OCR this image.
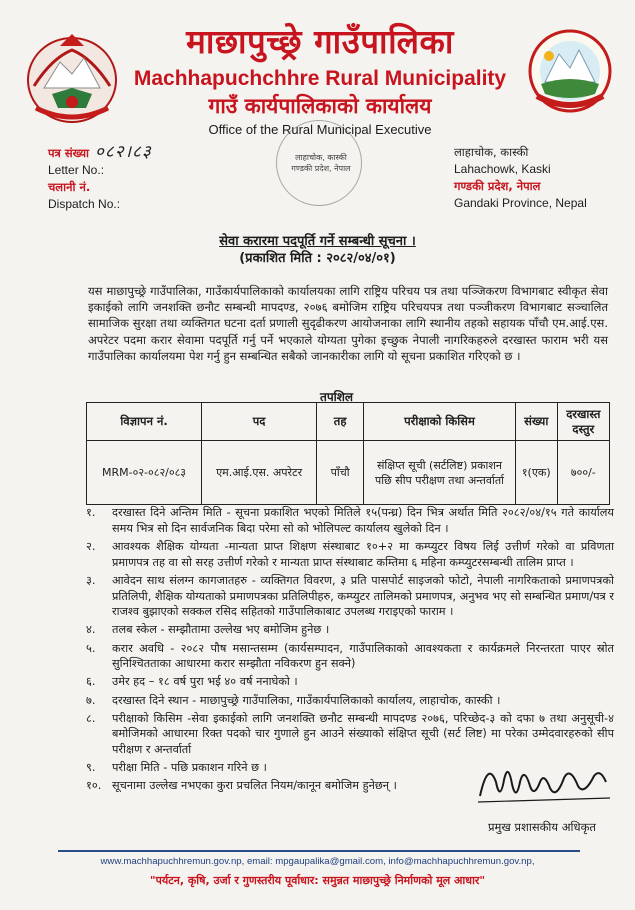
माछापुच्छ्रे गाउँपालिका
Machhapuchchhre Rural Municipality
गाउँ कार्यपालिकाको कार्यालय
Office of the Rural Municipal Executive
पत्र संख्या ०८२।८३
Letter No.:
चलानी नं.
Dispatch No.:
लाहाचोक, कास्की
Lahachowk, Kaski
गण्डकी प्रदेश, नेपाल
Gandaki Province, Nepal
लाहाचोक, कास्की
गण्डकी प्रदेश, नेपाल
सेवा करारमा पदपूर्ति गर्ने सम्बन्धी सूचना ।
(प्रकाशित मिति : २०८२/०४/०१)
यस माछापुच्छ्रे गाउँपालिका, गाउँकार्यपालिकाको कार्यालयका लागि राष्ट्रिय परिचय पत्र तथा पञ्जिकरण विभागबाट स्वीकृत सेवा इकाईको लागि जनशक्ति छनौट सम्बन्धी मापदण्ड, २०७६ बमोजिम राष्ट्रिय परिचयपत्र तथा पञ्जीकरण विभागबाट सञ्चालित सामाजिक सुरक्षा तथा व्यक्तिगत घटना दर्ता प्रणाली सुदृढीकरण आयोजनाका लागि स्थानीय तहको सहायक पाँचौ एम.आई.एस. अपरेटर पदमा करार सेवामा पदपूर्ति गर्नु पर्ने भएकाले योग्यता पुगेका इच्छुक नेपाली नागरिकहरुले दरखास्त फाराम भरी यस गाउँपालिका कार्यालयमा पेश गर्नु हुन सम्बन्धित सबैको जानकारीका लागि यो सूचना प्रकाशित गरिएको छ ।
तपशिल
विज्ञापन नं.	पद	तह	परीक्षाको किसिम	संख्या	दरखास्त दस्तुर
MRM-०२-०८२/०८३	एम.आई.एस. अपरेटर	पाँचौ	संक्षिप्त सूची (सर्टलिष्ट) प्रकाशन पछि सीप परीक्षण तथा अन्तर्वार्ता	१(एक)	७००/-
१.	दरखास्त दिने अन्तिम मिति - सूचना प्रकाशित भएको मितिले १५(पन्ध्र) दिन भित्र अर्थात मिति २०८२/०४/१५ गते कार्यालय समय भित्र सो दिन सार्वजनिक बिदा परेमा सो को भोलिपल्ट कार्यालय खुलेको दिन ।
२.	आवश्यक शैक्षिक योग्यता -मान्यता प्राप्त शिक्षण संस्थाबाट १०+२ मा कम्प्युटर विषय लिई उत्तीर्ण गरेको वा प्रविणता प्रमाणपत्र तह वा सो सरह उत्तीर्ण गरेको र मान्यता प्राप्त संस्थाबाट कम्तिमा ६ महिना कम्प्युटरसम्बन्धी तालिम प्राप्त ।
३.	आवेदन साथ संलग्न कागजातहरु - व्यक्तिगत विवरण, ३ प्रति पासपोर्ट साइजको फोटो, नेपाली नागरिकताको प्रमाणपत्रको प्रतिलिपी, शैक्षिक योग्यताको प्रमाणपत्रका प्रतिलिपीहरु, कम्प्युटर तालिमको प्रमाणपत्र, अनुभव भए सो सम्बन्धित प्रमाण/पत्र र राजश्व बुझाएको सक्कल रसिद सहितको गाउँपालिकाबाट उपलब्ध गराइएको फाराम ।
४.	तलब स्केल - सम्झौतामा उल्लेख भए बमोजिम हुनेछ ।
५.	करार अवधि - २०८२ पौष मसान्तसम्म (कार्यसम्पादन, गाउँपालिकाको आवश्यकता र कार्यक्रमले निरन्तरता पाएर स्रोत सुनिश्चितताका आधारमा करार सम्झौता नविकरण हुन सक्ने)
६.	उमेर हद – १८ वर्ष पुरा भई ४० वर्ष ननाघेको ।
७.	दरखास्त दिने स्थान - माछापुच्छ्रे गाउँपालिका, गाउँकार्यपालिकाको कार्यालय, लाहाचोक, कास्की ।
८.	परीक्षाको किसिम -सेवा इकाईको लागि जनशक्ति छनौट सम्बन्धी मापदण्ड २०७६, परिच्छेद-३ को दफा ७ तथा अनुसूची-४ बमोजिमको आधारमा रिक्त पदको चार गुणाले हुन आउने संख्याको संक्षिप्त सूची (सर्ट लिष्ट) मा परेका उम्मेदवारहरुको सीप परीक्षण र अन्तर्वार्ता
९.	परीक्षा मिति - पछि प्रकाशन गरिने छ ।
१०. सूचनामा उल्लेख नभएका कुरा प्रचलित नियम/कानून बमोजिम हुनेछन् ।
प्रमुख प्रशासकीय अधिकृत
www.machhapuchhremun.gov.np, email: mpgaupalika@gmail.com, info@machhapuchhremun.gov.np,
"पर्यटन, कृषि, उर्जा र गुणस्तरीय पूर्वाधार: समुन्नत माछापुच्छ्रे निर्माणको मूल आधार"
